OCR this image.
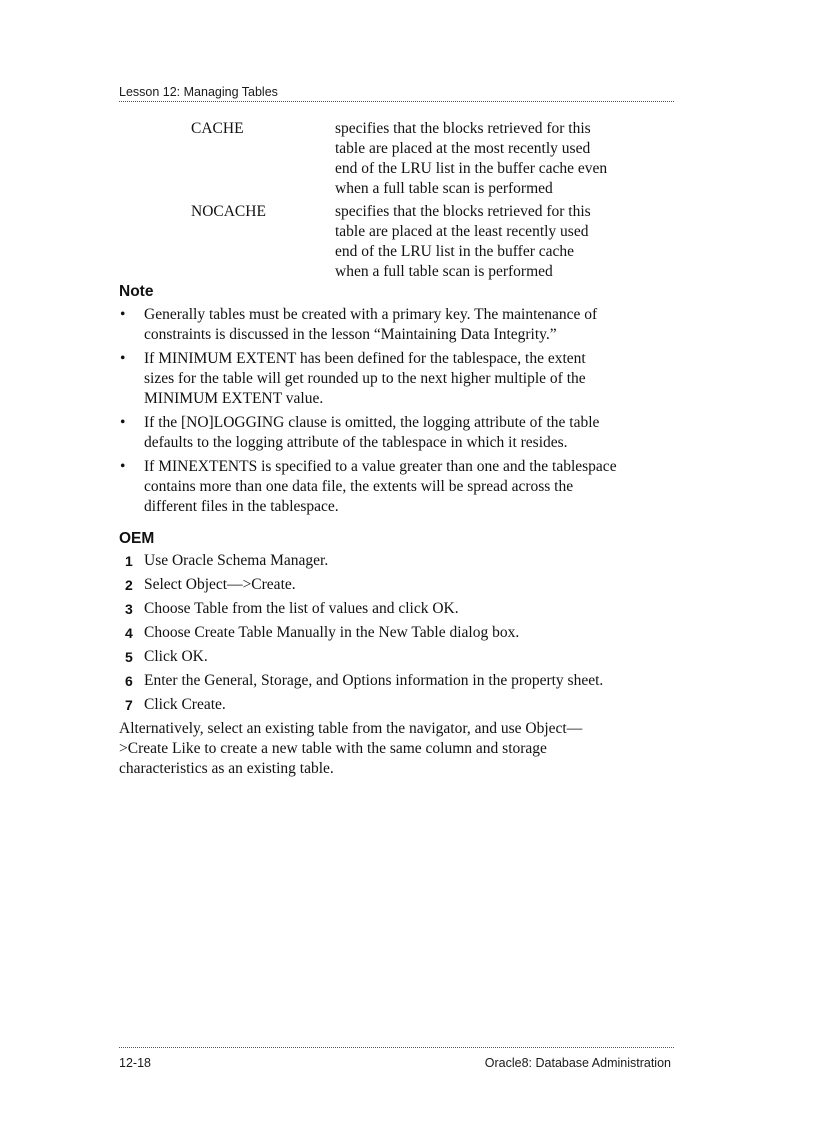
Lesson 12: Managing Tables
CACHE	specifies that the blocks retrieved for this table are placed at the most recently used end of the LRU list in the buffer cache even when a full table scan is performed
NOCACHE	specifies that the blocks retrieved for this table are placed at the least recently used end of the LRU list in the buffer cache when a full table scan is performed
Note
• Generally tables must be created with a primary key. The maintenance of constraints is discussed in the lesson “Maintaining Data Integrity.”
• If MINIMUM EXTENT has been defined for the tablespace, the extent sizes for the table will get rounded up to the next higher multiple of the MINIMUM EXTENT value.
• If the [NO]LOGGING clause is omitted, the logging attribute of the table defaults to the logging attribute of the tablespace in which it resides.
• If MINEXTENTS is specified to a value greater than one and the tablespace contains more than one data file, the extents will be spread across the different files in the tablespace.
OEM
1 Use Oracle Schema Manager.
2 Select Object—>Create.
3 Choose Table from the list of values and click OK.
4 Choose Create Table Manually in the New Table dialog box.
5 Click OK.
6 Enter the General, Storage, and Options information in the property sheet.
7 Click Create.

Alternatively, select an existing table from the navigator, and use Object—>Create Like to create a new table with the same column and storage characteristics as an existing table.

12-18	Oracle8: Database Administration
